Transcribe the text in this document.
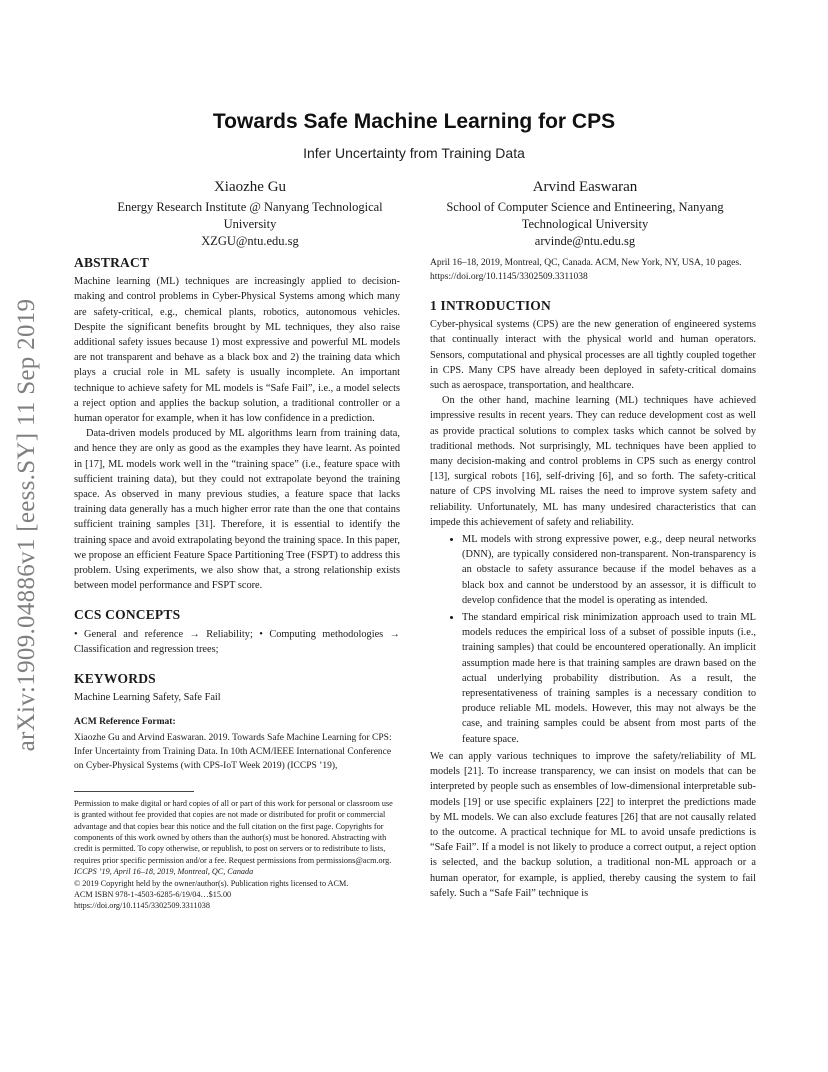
arXiv:1909.04886v1 [eess.SY] 11 Sep 2019
Towards Safe Machine Learning for CPS
Infer Uncertainty from Training Data
Xiaozhe Gu
Energy Research Institute @ Nanyang Technological
University
XZGU@ntu.edu.sg
Arvind Easwaran
School of Computer Science and Entineering, Nanyang
Technological University
arvinde@ntu.edu.sg
ABSTRACT

Machine learning (ML) techniques are increasingly applied to decision-making and control problems in Cyber-Physical Systems among which many are safety-critical, e.g., chemical plants, robotics, autonomous vehicles. Despite the significant benefits brought by ML techniques, they also raise additional safety issues because 1) most expressive and powerful ML models are not transparent and behave as a black box and 2) the training data which plays a crucial role in ML safety is usually incomplete. An important technique to achieve safety for ML models is “Safe Fail”, i.e., a model selects a reject option and applies the backup solution, a traditional controller or a human operator for example, when it has low confidence in a prediction.

Data-driven models produced by ML algorithms learn from training data, and hence they are only as good as the examples they have learnt. As pointed in [17], ML models work well in the “training space” (i.e., feature space with sufficient training data), but they could not extrapolate beyond the training space. As observed in many previous studies, a feature space that lacks training data generally has a much higher error rate than the one that contains sufficient training samples [31]. Therefore, it is essential to identify the training space and avoid extrapolating beyond the training space. In this paper, we propose an efficient Feature Space Partitioning Tree (FSPT) to address this problem. Using experiments, we also show that, a strong relationship exists between model performance and FSPT score.

CCS CONCEPTS

• General and reference → Reliability; • Computing methodologies → Classification and regression trees;

KEYWORDS

Machine Learning Safety, Safe Fail

ACM Reference Format:

Xiaozhe Gu and Arvind Easwaran. 2019. Towards Safe Machine Learning for CPS: Infer Uncertainty from Training Data. In 10th ACM/IEEE International Conference on Cyber-Physical Systems (with CPS-IoT Week 2019) (ICCPS ’19),

Permission to make digital or hard copies of all or part of this work for personal or classroom use is granted without fee provided that copies are not made or distributed for profit or commercial advantage and that copies bear this notice and the full citation on the first page. Copyrights for components of this work owned by others than the author(s) must be honored. Abstracting with credit is permitted. To copy otherwise, or republish, to post on servers or to redistribute to lists, requires prior specific permission and/or a fee. Request permissions from permissions@acm.org.

ICCPS ’19, April 16–18, 2019, Montreal, QC, Canada

© 2019 Copyright held by the owner/author(s). Publication rights licensed to ACM.

ACM ISBN 978-1-4503-6285-6/19/04…$15.00

https://doi.org/10.1145/3302509.3311038

April 16–18, 2019, Montreal, QC, Canada. ACM, New York, NY, USA, 10 pages. https://doi.org/10.1145/3302509.3311038

1 INTRODUCTION

Cyber-physical systems (CPS) are the new generation of engineered systems that continually interact with the physical world and human operators. Sensors, computational and physical processes are all tightly coupled together in CPS. Many CPS have already been deployed in safety-critical domains such as aerospace, transportation, and healthcare.

On the other hand, machine learning (ML) techniques have achieved impressive results in recent years. They can reduce development cost as well as provide practical solutions to complex tasks which cannot be solved by traditional methods. Not surprisingly, ML techniques have been applied to many decision-making and control problems in CPS such as energy control [13], surgical robots [16], self-driving [6], and so forth. The safety-critical nature of CPS involving ML raises the need to improve system safety and reliability. Unfortunately, ML has many undesired characteristics that can impede this achievement of safety and reliability.

• ML models with strong expressive power, e.g., deep neural networks (DNN), are typically considered non-transparent. Non-transparency is an obstacle to safety assurance because if the model behaves as a black box and cannot be understood by an assessor, it is difficult to develop confidence that the model is operating as intended.
• The standard empirical risk minimization approach used to train ML models reduces the empirical loss of a subset of possible inputs (i.e., training samples) that could be encountered operationally. An implicit assumption made here is that training samples are drawn based on the actual underlying probability distribution. As a result, the representativeness of training samples is a necessary condition to produce reliable ML models. However, this may not always be the case, and training samples could be absent from most parts of the feature space.

We can apply various techniques to improve the safety/reliability of ML models [21]. To increase transparency, we can insist on models that can be interpreted by people such as ensembles of low-dimensional interpretable sub-models [19] or use specific explainers [22] to interpret the predictions made by ML models. We can also exclude features [26] that are not causally related to the outcome. A practical technique for ML to avoid unsafe predictions is “Safe Fail”. If a model is not likely to produce a correct output, a reject option is selected, and the backup solution, a traditional non-ML approach or a human operator, for example, is applied, thereby causing the system to fail safely. Such a “Safe Fail” technique is
